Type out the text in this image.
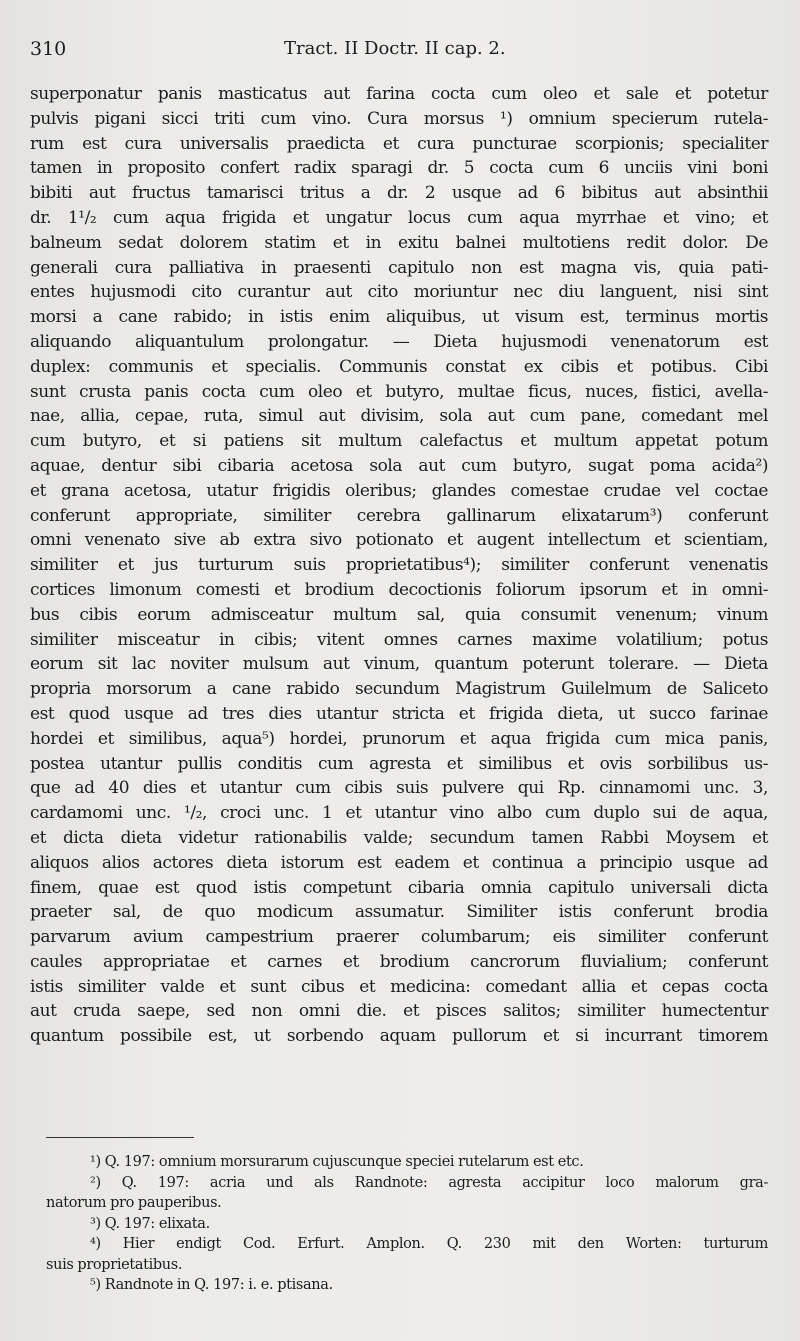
310	Tract. II Doctr. II cap. 2.
superponatur panis masticatus aut farina cocta cum oleo et sale et potetur
pulvis pigani sicci triti cum vino. Cura morsus ¹) omnium specierum rutela-
rum est cura universalis praedicta et cura puncturae scorpionis; specialiter
tamen in proposito confert radix sparagi dr. 5 cocta cum 6 unciis vini boni
bibiti aut fructus tamarisci tritus a dr. 2 usque ad 6 bibitus aut absinthii
dr. 1¹/₂ cum aqua frigida et ungatur locus cum aqua myrrhae et vino; et
balneum sedat dolorem statim et in exitu balnei multotiens redit dolor. De
generali cura palliativa in praesenti capitulo non est magna vis, quia pati-
entes hujusmodi cito curantur aut cito moriuntur nec diu languent, nisi sint
morsi a cane rabido; in istis enim aliquibus, ut visum est, terminus mortis
aliquando aliquantulum prolongatur. — Dieta hujusmodi venenatorum est
duplex: communis et specialis. Communis constat ex cibis et potibus. Cibi
sunt crusta panis cocta cum oleo et butyro, multae ficus, nuces, fistici, avella-
nae, allia, cepae, ruta, simul aut divisim, sola aut cum pane, comedant mel
cum butyro, et si patiens sit multum calefactus et multum appetat potum
aquae, dentur sibi cibaria acetosa sola aut cum butyro, sugat poma acida²)
et grana acetosa, utatur frigidis oleribus; glandes comestae crudae vel coctae
conferunt appropriate, similiter cerebra gallinarum elixatarum³) conferunt
omni venenato sive ab extra sivo potionato et augent intellectum et scientiam,
similiter et jus turturum suis proprietatibus⁴); similiter conferunt venenatis
cortices limonum comesti et brodium decoctionis foliorum ipsorum et in omni-
bus cibis eorum admisceatur multum sal, quia consumit venenum; vinum
similiter misceatur in cibis; vitent omnes carnes maxime volatilium; potus
eorum sit lac noviter mulsum aut vinum, quantum poterunt tolerare. — Dieta
propria morsorum a cane rabido secundum Magistrum Guilelmum de Saliceto
est quod usque ad tres dies utantur stricta et frigida dieta, ut succo farinae
hordei et similibus, aqua⁵) hordei, prunorum et aqua frigida cum mica panis,
postea utantur pullis conditis cum agresta et similibus et ovis sorbilibus us-
que ad 40 dies et utantur cum cibis suis pulvere qui Rp. cinnamomi unc. 3,
cardamomi unc. ¹/₂, croci unc. 1 et utantur vino albo cum duplo sui de aqua,
et dicta dieta videtur rationabilis valde; secundum tamen Rabbi Moysem et
aliquos alios actores dieta istorum est eadem et continua a principio usque ad
finem, quae est quod istis competunt cibaria omnia capitulo universali dicta
praeter sal, de quo modicum assumatur. Similiter istis conferunt brodia
parvarum avium campestrium praerer columbarum; eis similiter conferunt
caules appropriatae et carnes et brodium cancrorum fluvialium; conferunt
istis similiter valde et sunt cibus et medicina: comedant allia et cepas cocta
aut cruda saepe, sed non omni die. et pisces salitos; similiter humectentur
quantum possibile est, ut sorbendo aquam pullorum et si incurrant timorem
¹) Q. 197: omnium morsurarum cujuscunque speciei rutelarum est etc.
²) Q. 197: acria und als Randnote: agresta accipitur loco malorum gra-
natorum pro pauperibus.
³) Q. 197: elixata.
⁴) Hier endigt Cod. Erfurt. Amplon. Q. 230 mit den Worten: turturum
suis proprietatibus.
⁵) Randnote in Q. 197: i. e. ptisana.
